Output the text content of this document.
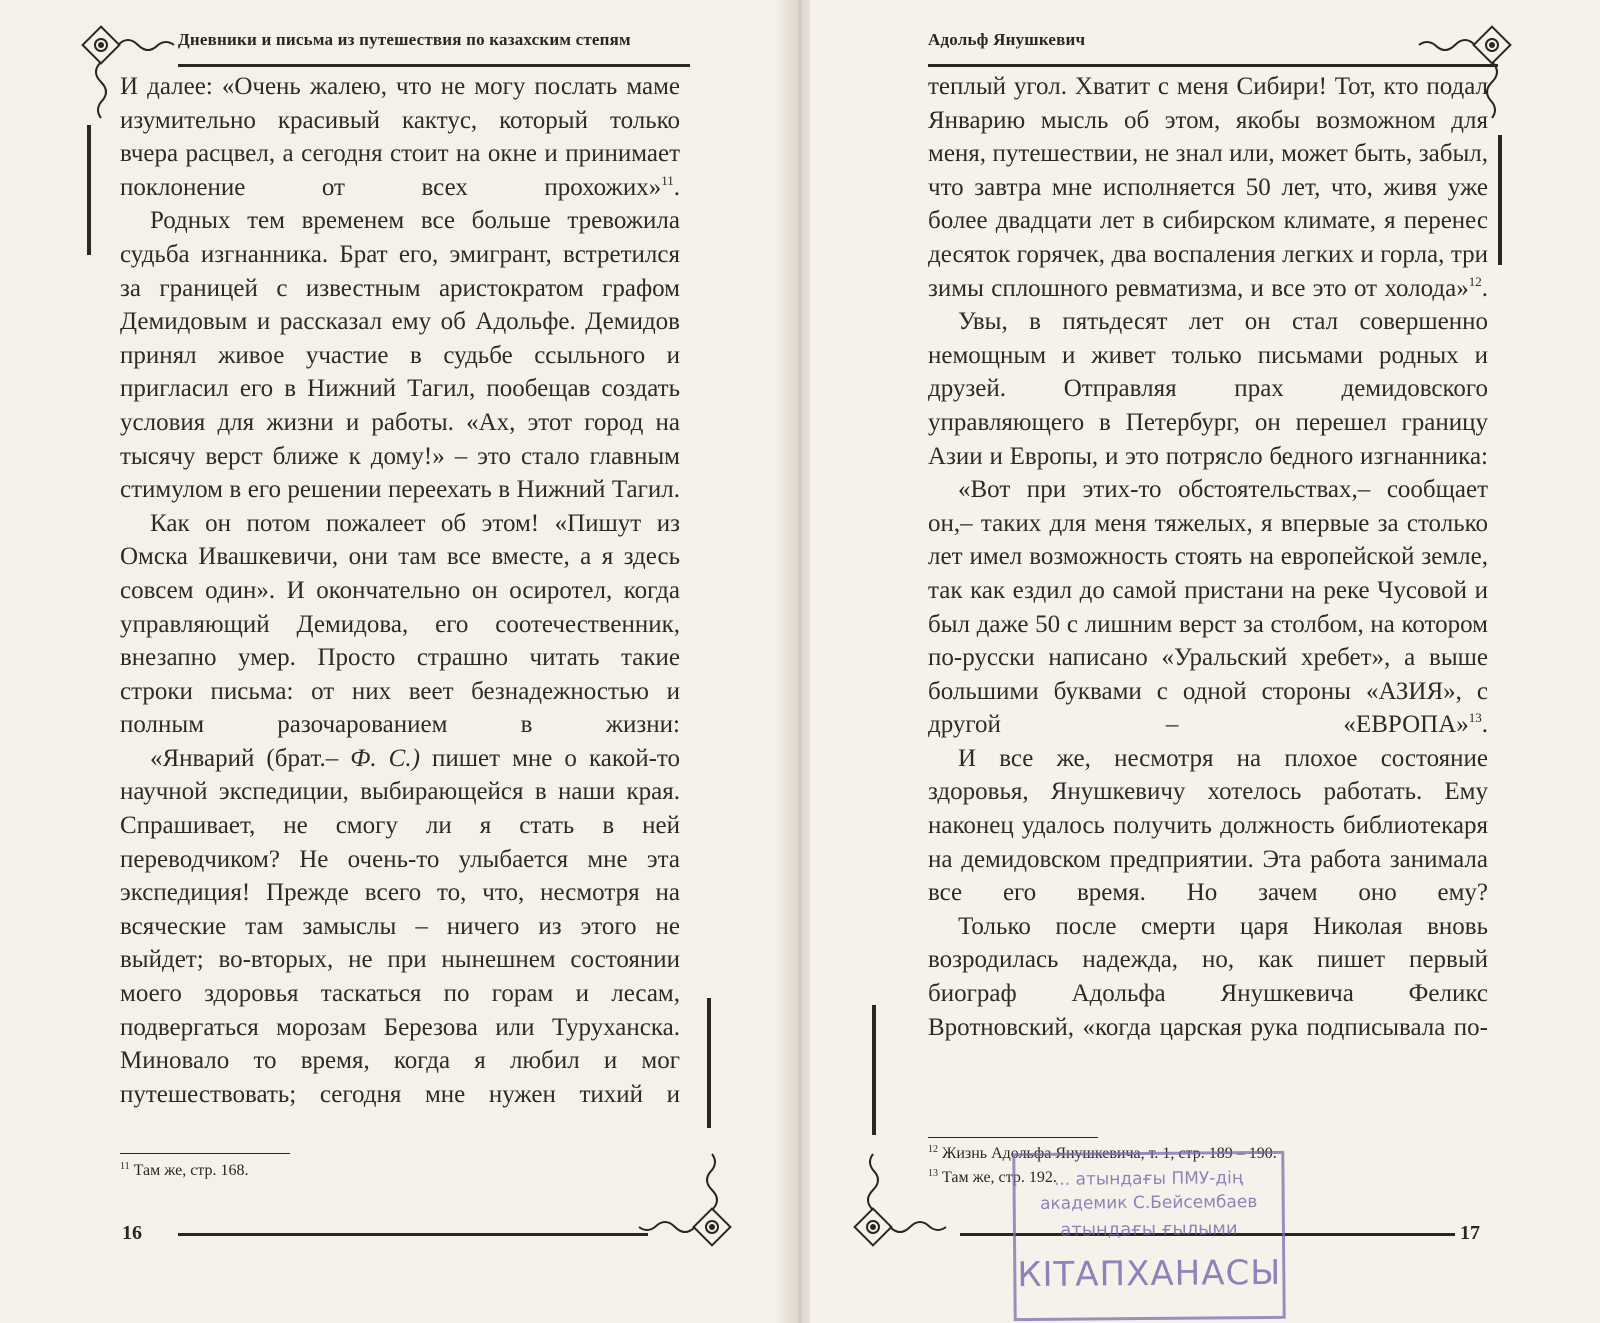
Дневники и письма из путешествия по казахским степям

И далее: «Очень жалею, что не могу послать маме изумительно красивый кактус, который только вчера расцвел, а сегодня стоит на окне и принимает поклонение от всех прохожих»$^{11}$.

Родных тем временем все больше тревожила судьба изгнанника. Брат его, эмигрант, встретился за границей с известным аристократом графом Демидовым и рассказал ему об Адольфе. Демидов принял живое участие в судьбе ссыльного и пригласил его в Нижний Тагил, пообещав создать условия для жизни и работы. «Ах, этот город на тысячу верст ближе к дому!» – это стало главным стимулом в его решении переехать в Нижний Тагил.

Как он потом пожалеет об этом! «Пишут из Омска Ивашкевичи, они там все вместе, а я здесь совсем один». И окончательно он осиротел, когда управляющий Демидова, его соотечественник, внезапно умер. Просто страшно читать такие строки письма: от них веет безнадежностью и полным разочарованием в жизни:

«Январий (брат.– Ф. С.) пишет мне о какой-то научной экспедиции, выбирающейся в наши края. Спрашивает, не смогу ли я стать в ней переводчиком? Не очень-то улыбается мне эта экспедиция! Прежде всего то, что, несмотря на всяческие там замыслы – ничего из этого не выйдет; во-вторых, не при нынешнем состоянии моего здоровья таскаться по горам и лесам, подвергаться морозам Березова или Туруханска. Миновало то время, когда я любил и мог путешествовать; сегодня мне нужен тихий и

$^{11}$ Там же, стр. 168.
16
Адольф Янушкевич

теплый угол. Хватит с меня Сибири! Тот, кто подал Январию мысль об этом, якобы возможном для меня, путешествии, не знал или, может быть, забыл, что завтра мне исполняется 50 лет, что, живя уже более двадцати лет в сибирском климате, я перенес десяток горячек, два воспаления легких и горла, три зимы сплошного ревматизма, и все это от холода»$^{12}$.

Увы, в пятьдесят лет он стал совершенно немощным и живет только письмами родных и друзей. Отправляя прах демидовского управляющего в Петербург, он перешел границу Азии и Европы, и это потрясло бедного изгнанника:

«Вот при этих-то обстоятельствах,– сообщает он,– таких для меня тяжелых, я впервые за столько лет имел возможность стоять на европейской земле, так как ездил до самой пристани на реке Чусовой и был даже 50 с лишним верст за столбом, на котором по-русски написано «Уральский хребет», а выше большими буквами с одной стороны «АЗИЯ», с другой – «ЕВРОПА»$^{13}$.

И все же, несмотря на плохое состояние здоровья, Янушкевичу хотелось работать. Ему наконец удалось получить должность библиотекаря на демидовском предприятии. Эта работа занимала все его время. Но зачем оно ему?

Только после смерти царя Николая вновь возродилась надежда, но, как пишет первый биограф Адольфа Янушкевича Феликс Вротновский, «когда царская рука подписывала по-

$^{12}$ Жизнь Адольфа Янушкевича, т. 1, стр. 189 – 190.
$^{13}$ Там же, стр. 192.
17
... атындағы ПМУ-дің
академик С.Бейсембаев
атындағы ғылыми
КІТАПХАНАСЫ
